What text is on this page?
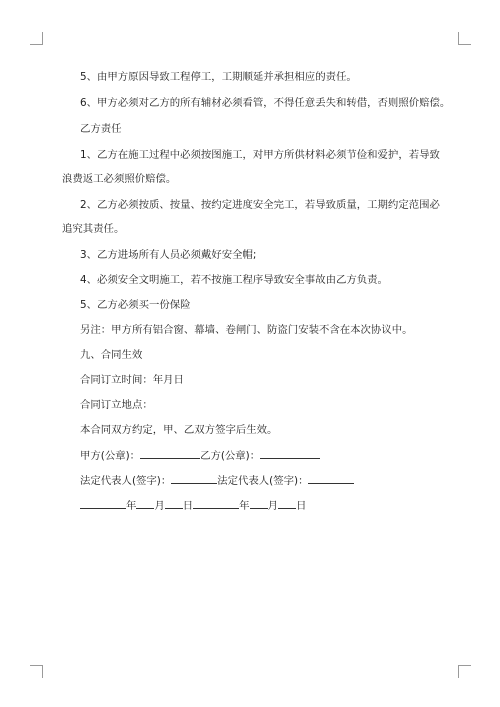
5、由甲方原因导致工程停工，工期顺延并承担相应的责任。
6、甲方必须对乙方的所有辅材必须看管，不得任意丢失和转借，否则照价赔偿。
乙方责任
1、乙方在施工过程中必须按图施工，对甲方所供材料必须节俭和爱护，若导致
浪费返工必须照价赔偿。
2、乙方必须按质、按量、按约定进度安全完工，若导致质量，工期约定范围必
追究其责任。
3、乙方进场所有人员必须戴好安全帽;
4、必须安全文明施工，若不按施工程序导致安全事故由乙方负责。
5、乙方必须买一份保险
另注：甲方所有铝合窗、幕墙、卷闸门、防盗门安装不含在本次协议中。
九、合同生效
合同订立时间：年月日
合同订立地点：
本合同双方约定，甲、乙双方签字后生效。
甲方(公章)：	乙方(公章)：
法定代表人(签字)：	法定代表人(签字)：
年 月 日	年 月 日
